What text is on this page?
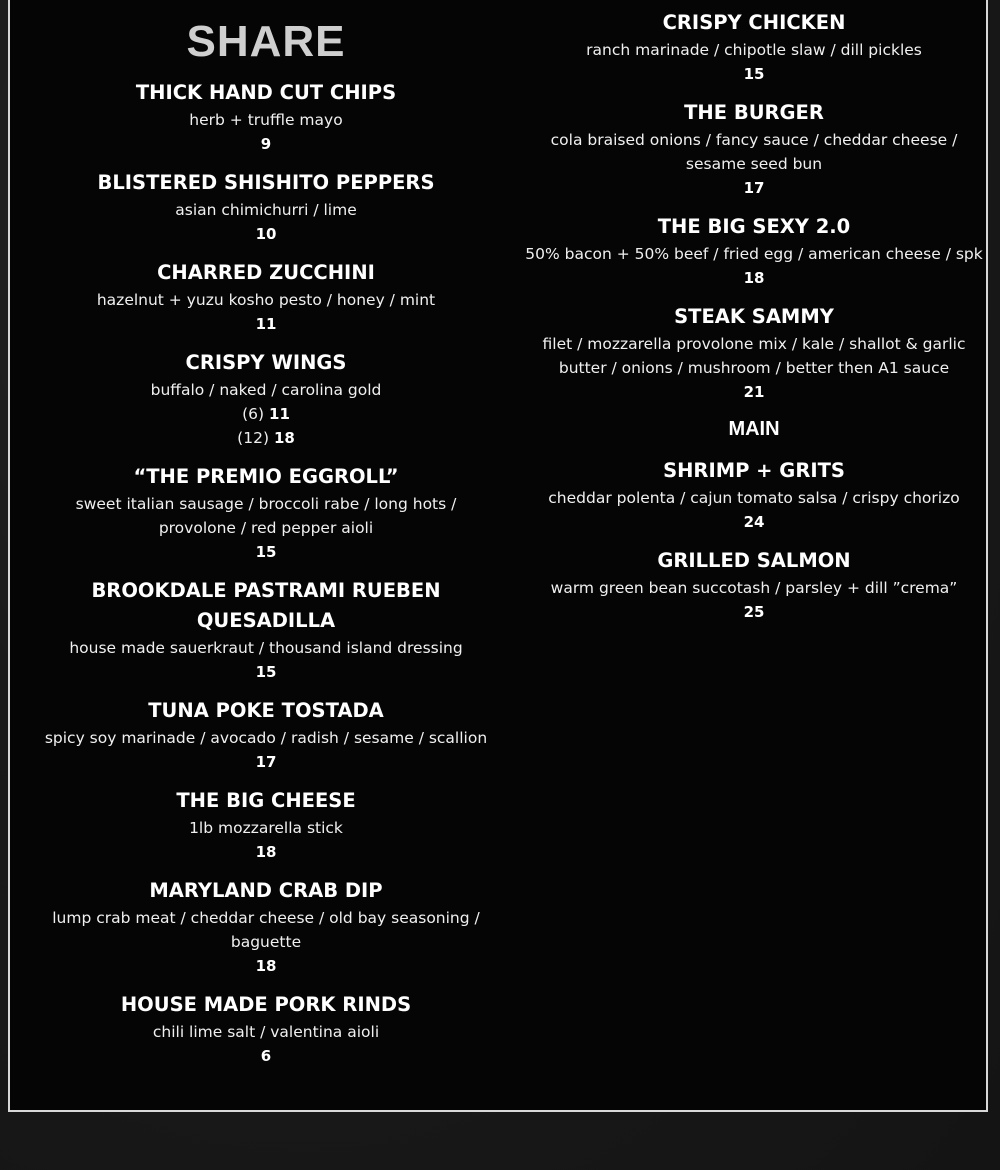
SHARE
THICK HAND CUT CHIPS
herb + truffle mayo
9
BLISTERED SHISHITO PEPPERS
asian chimichurri / lime
10
CHARRED ZUCCHINI
hazelnut + yuzu kosho pesto / honey / mint
11
CRISPY WINGS
buffalo / naked / carolina gold
(6) 11
(12) 18
“THE PREMIO EGGROLL”
sweet italian sausage / broccoli rabe / long hots /
provolone / red pepper aioli
15
BROOKDALE PASTRAMI RUEBEN
QUESADILLA
house made sauerkraut / thousand island dressing
15
TUNA POKE TOSTADA
spicy soy marinade / avocado / radish / sesame / scallion
17
THE BIG CHEESE
1lb mozzarella stick
18
MARYLAND CRAB DIP
lump crab meat / cheddar cheese / old bay seasoning /
baguette
18
HOUSE MADE PORK RINDS
chili lime salt / valentina aioli
6
CRISPY CHICKEN
ranch marinade / chipotle slaw / dill pickles
15
THE BURGER
cola braised onions / fancy sauce / cheddar cheese /
sesame seed bun
17
THE BIG SEXY 2.0
50% bacon + 50% beef / fried egg / american cheese / spk
18
STEAK SAMMY
filet / mozzarella provolone mix / kale / shallot & garlic
butter / onions / mushroom / better then A1 sauce
21
MAIN
SHRIMP + GRITS
cheddar polenta / cajun tomato salsa / crispy chorizo
24
GRILLED SALMON
warm green bean succotash / parsley + dill ”crema”
25
